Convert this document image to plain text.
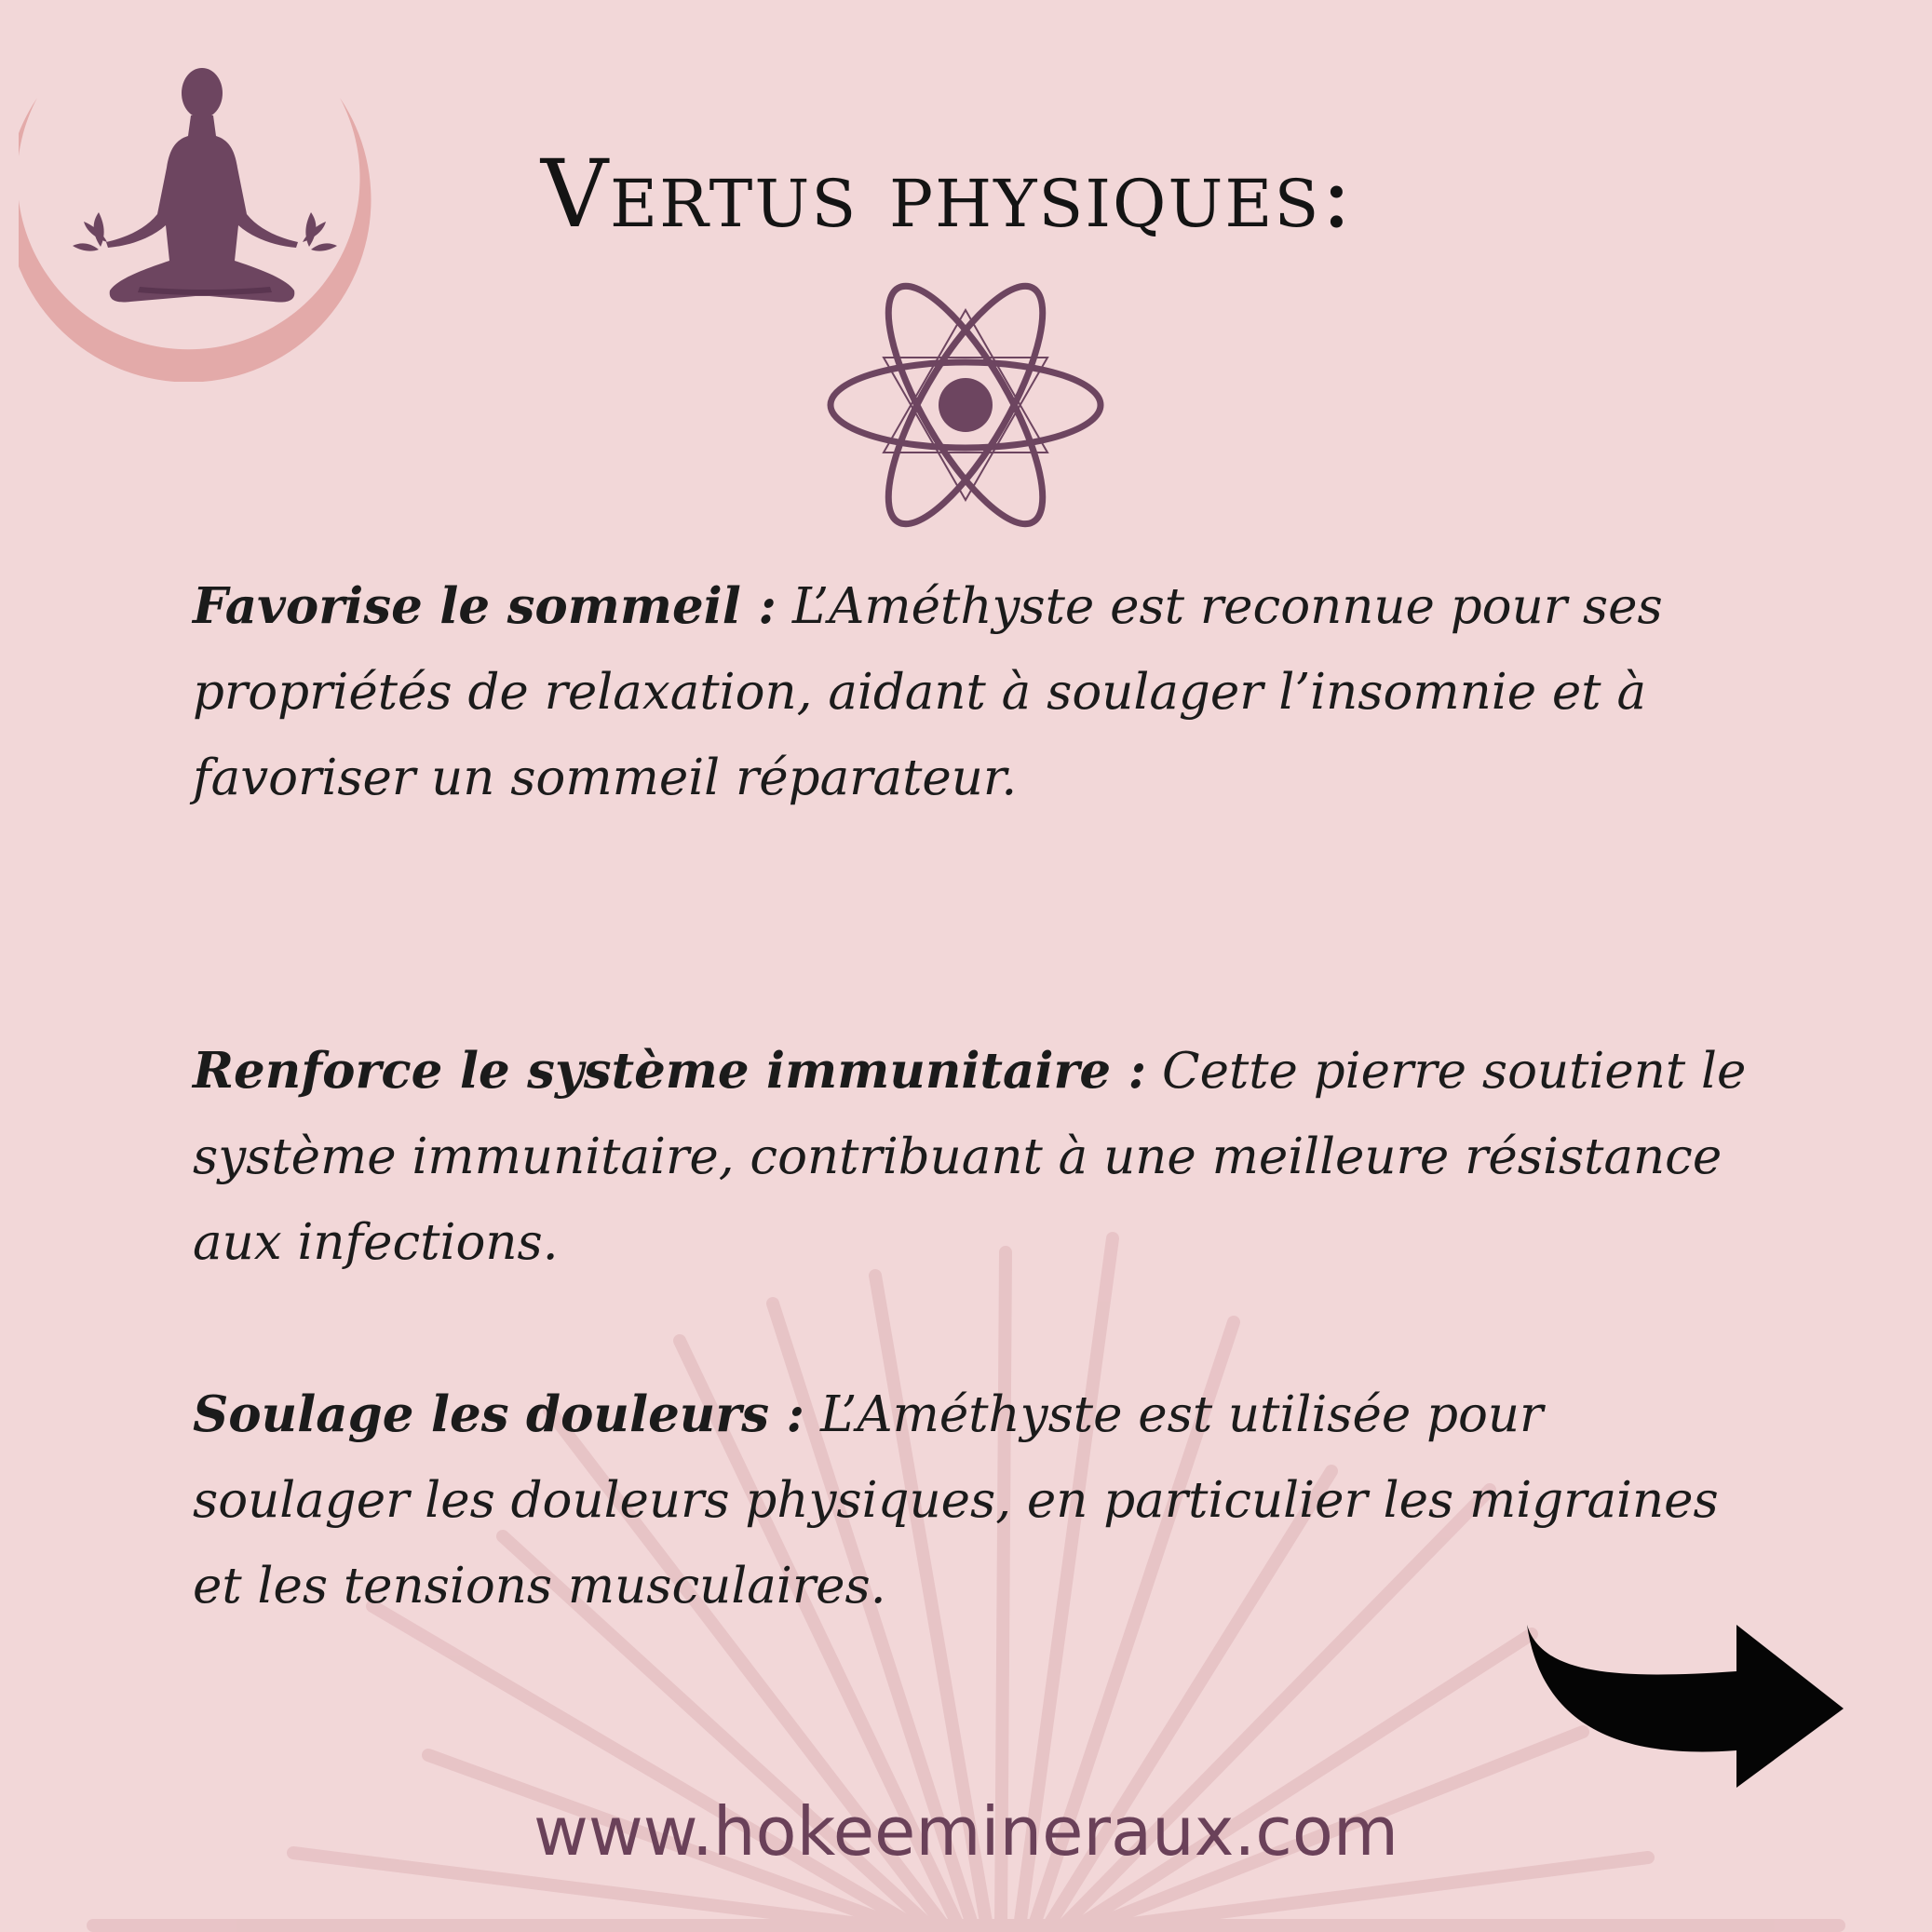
Vertus physiques:
Favorise le sommeil : L’Améthyste est reconnue pour ses propriétés de relaxation, aidant à soulager l’insomnie et à favoriser un sommeil réparateur.
Renforce le système immunitaire : Cette pierre soutient le système immunitaire, contribuant à une meilleure résistance aux infections.
Soulage les douleurs : L’Améthyste est utilisée pour soulager les douleurs physiques, en particulier les migraines et les tensions musculaires.
www.hokeemineraux.com
